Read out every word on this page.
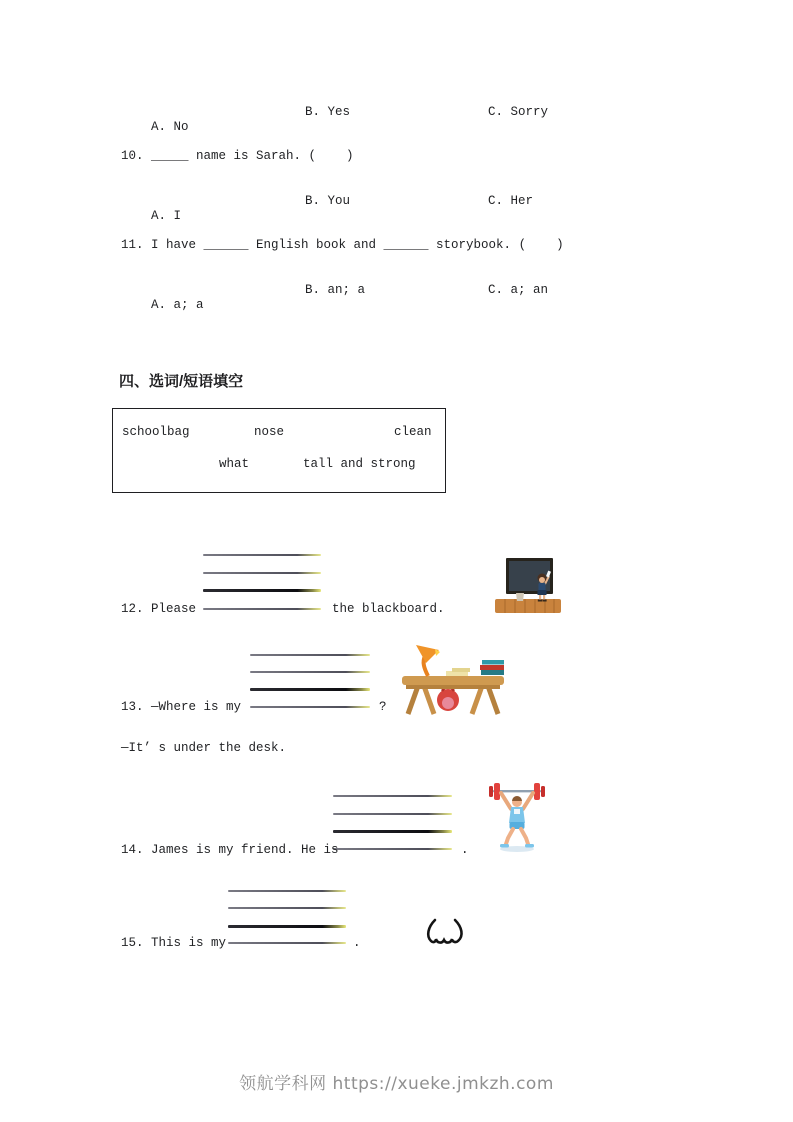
A. No

B. Yes

	C. Sorry

10. _____ name is Sarah. (    )

A. I

B. You

	C. Her

11. I have ______ English book and ______ storybook. (    )

A. a; a

B. an; a

	C. a; an

四、选词/短语填空
schoolbag	nose	clean
what	tall and strong
12. Please	the blackboard.
13. —Where is my	?
—It’ s under the desk.
14. James is my friend. He is	.
15. This is my	.
领航学科网 https://xueke.jmkzh.com
